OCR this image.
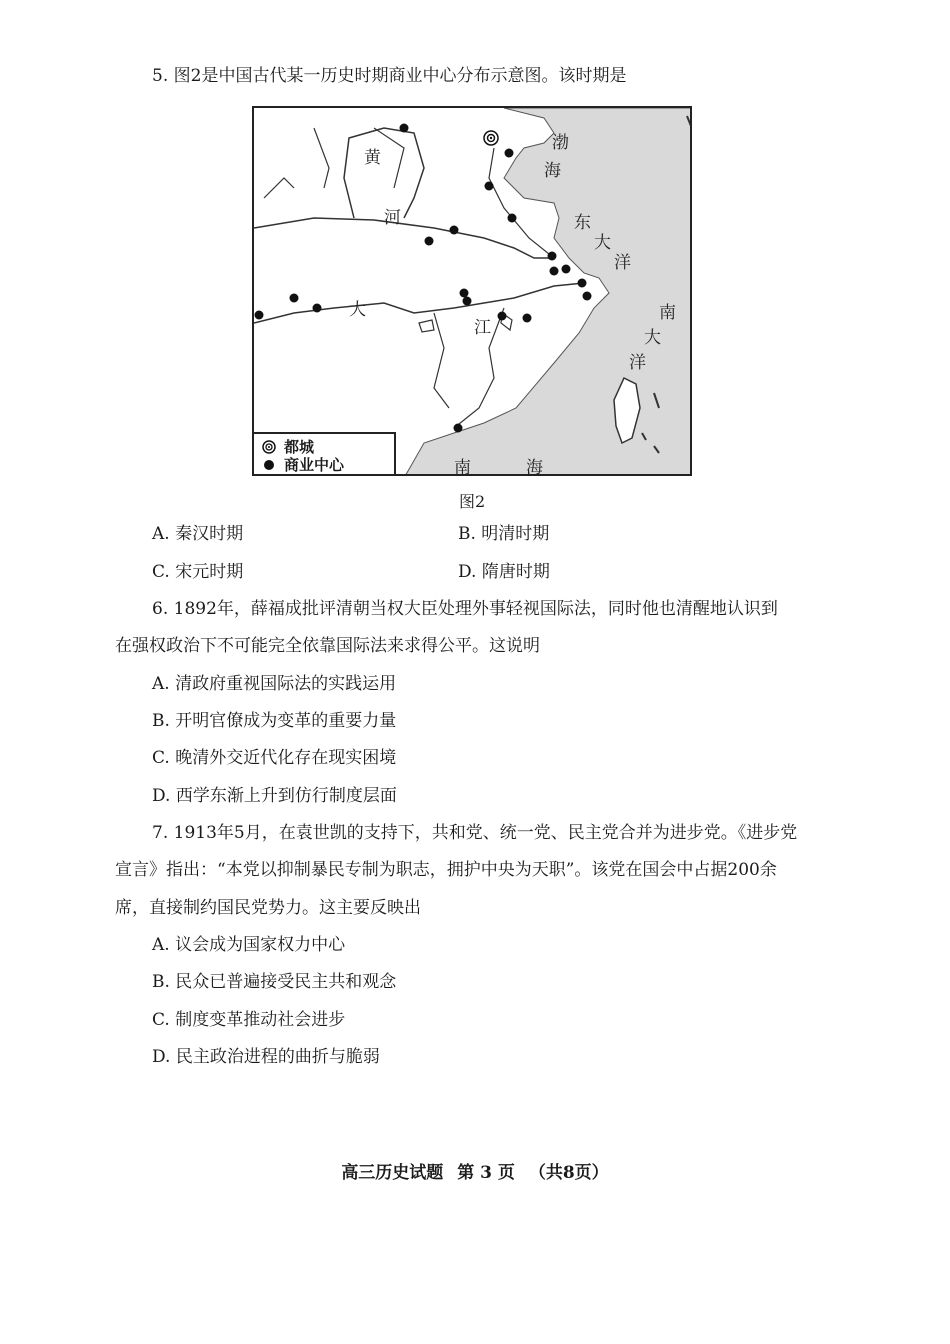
5. 图2是中国古代某一历史时期商业中心分布示意图。该时期是
黄
河
大
江
渤
海
东
大
洋
南
大
洋
南	海
都城
商业中心
图2
A. 秦汉时期	B. 明清时期
C. 宋元时期	D. 隋唐时期
6. 1892年，薛福成批评清朝当权大臣处理外事轻视国际法，同时他也清醒地认识到
在强权政治下不可能完全依靠国际法来求得公平。这说明
A. 清政府重视国际法的实践运用
B. 开明官僚成为变革的重要力量
C. 晚清外交近代化存在现实困境
D. 西学东渐上升到仿行制度层面
7. 1913年5月，在袁世凯的支持下，共和党、统一党、民主党合并为进步党。《进步党
宣言》指出：“本党以抑制暴民专制为职志，拥护中央为天职”。该党在国会中占据200余
席，直接制约国民党势力。这主要反映出
A. 议会成为国家权力中心
B. 民众已普遍接受民主共和观念
C. 制度变革推动社会进步
D. 民主政治进程的曲折与脆弱
高三历史试题 第 3 页 （共8页）
